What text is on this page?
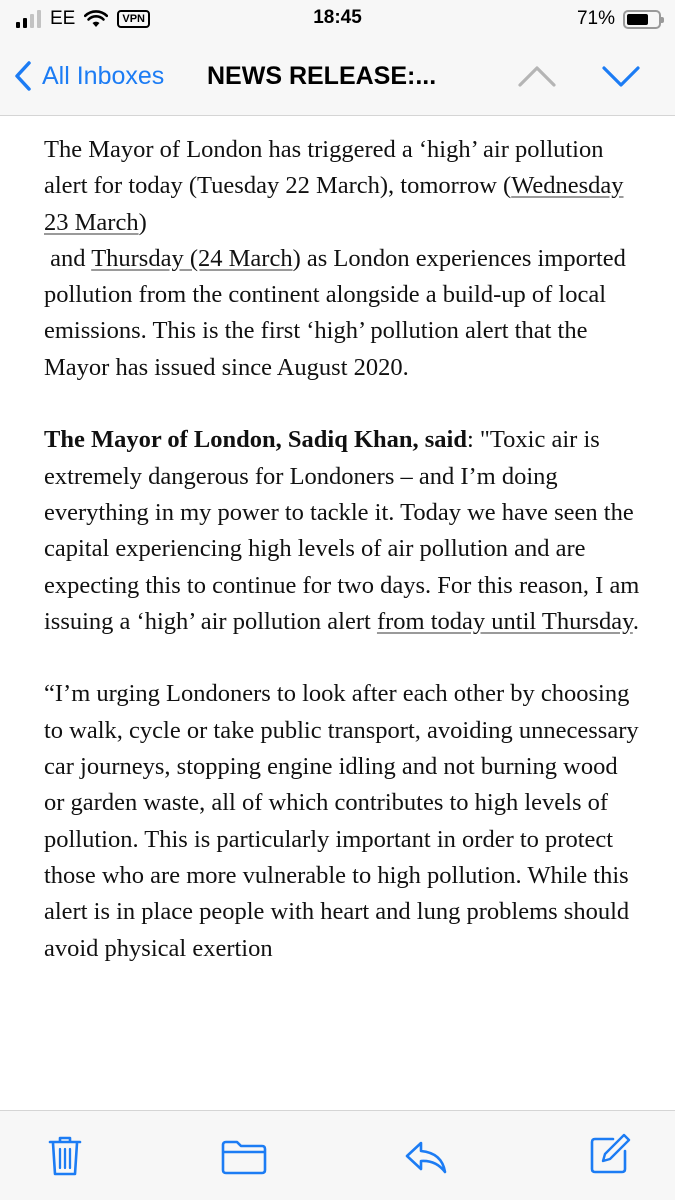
EE	VPN	18:45	71%
All Inboxes NEWS RELEASE:...

The Mayor of London has triggered a ‘high’ air pollution alert for today (Tuesday 22 March), tomorrow (Wednesday 23 March)
and Thursday (24 March) as London experiences imported pollution from the continent alongside a build-up of local emissions. This is the first ‘high’ pollution alert that the Mayor has issued since August 2020.

The Mayor of London, Sadiq Khan, said: "Toxic air is extremely dangerous for Londoners – and I’m doing everything in my power to tackle it. Today we have seen the capital experiencing high levels of air pollution and are expecting this to continue for two days. For this reason, I am issuing a ‘high’ air pollution alert from today until Thursday.

“I’m urging Londoners to look after each other by choosing to walk, cycle or take public transport, avoiding unnecessary car journeys, stopping engine idling and not burning wood or garden waste, all of which contributes to high levels of pollution. This is particularly important in order to protect those who are more vulnerable to high pollution. While this alert is in place people with heart and lung problems should avoid physical exertion
